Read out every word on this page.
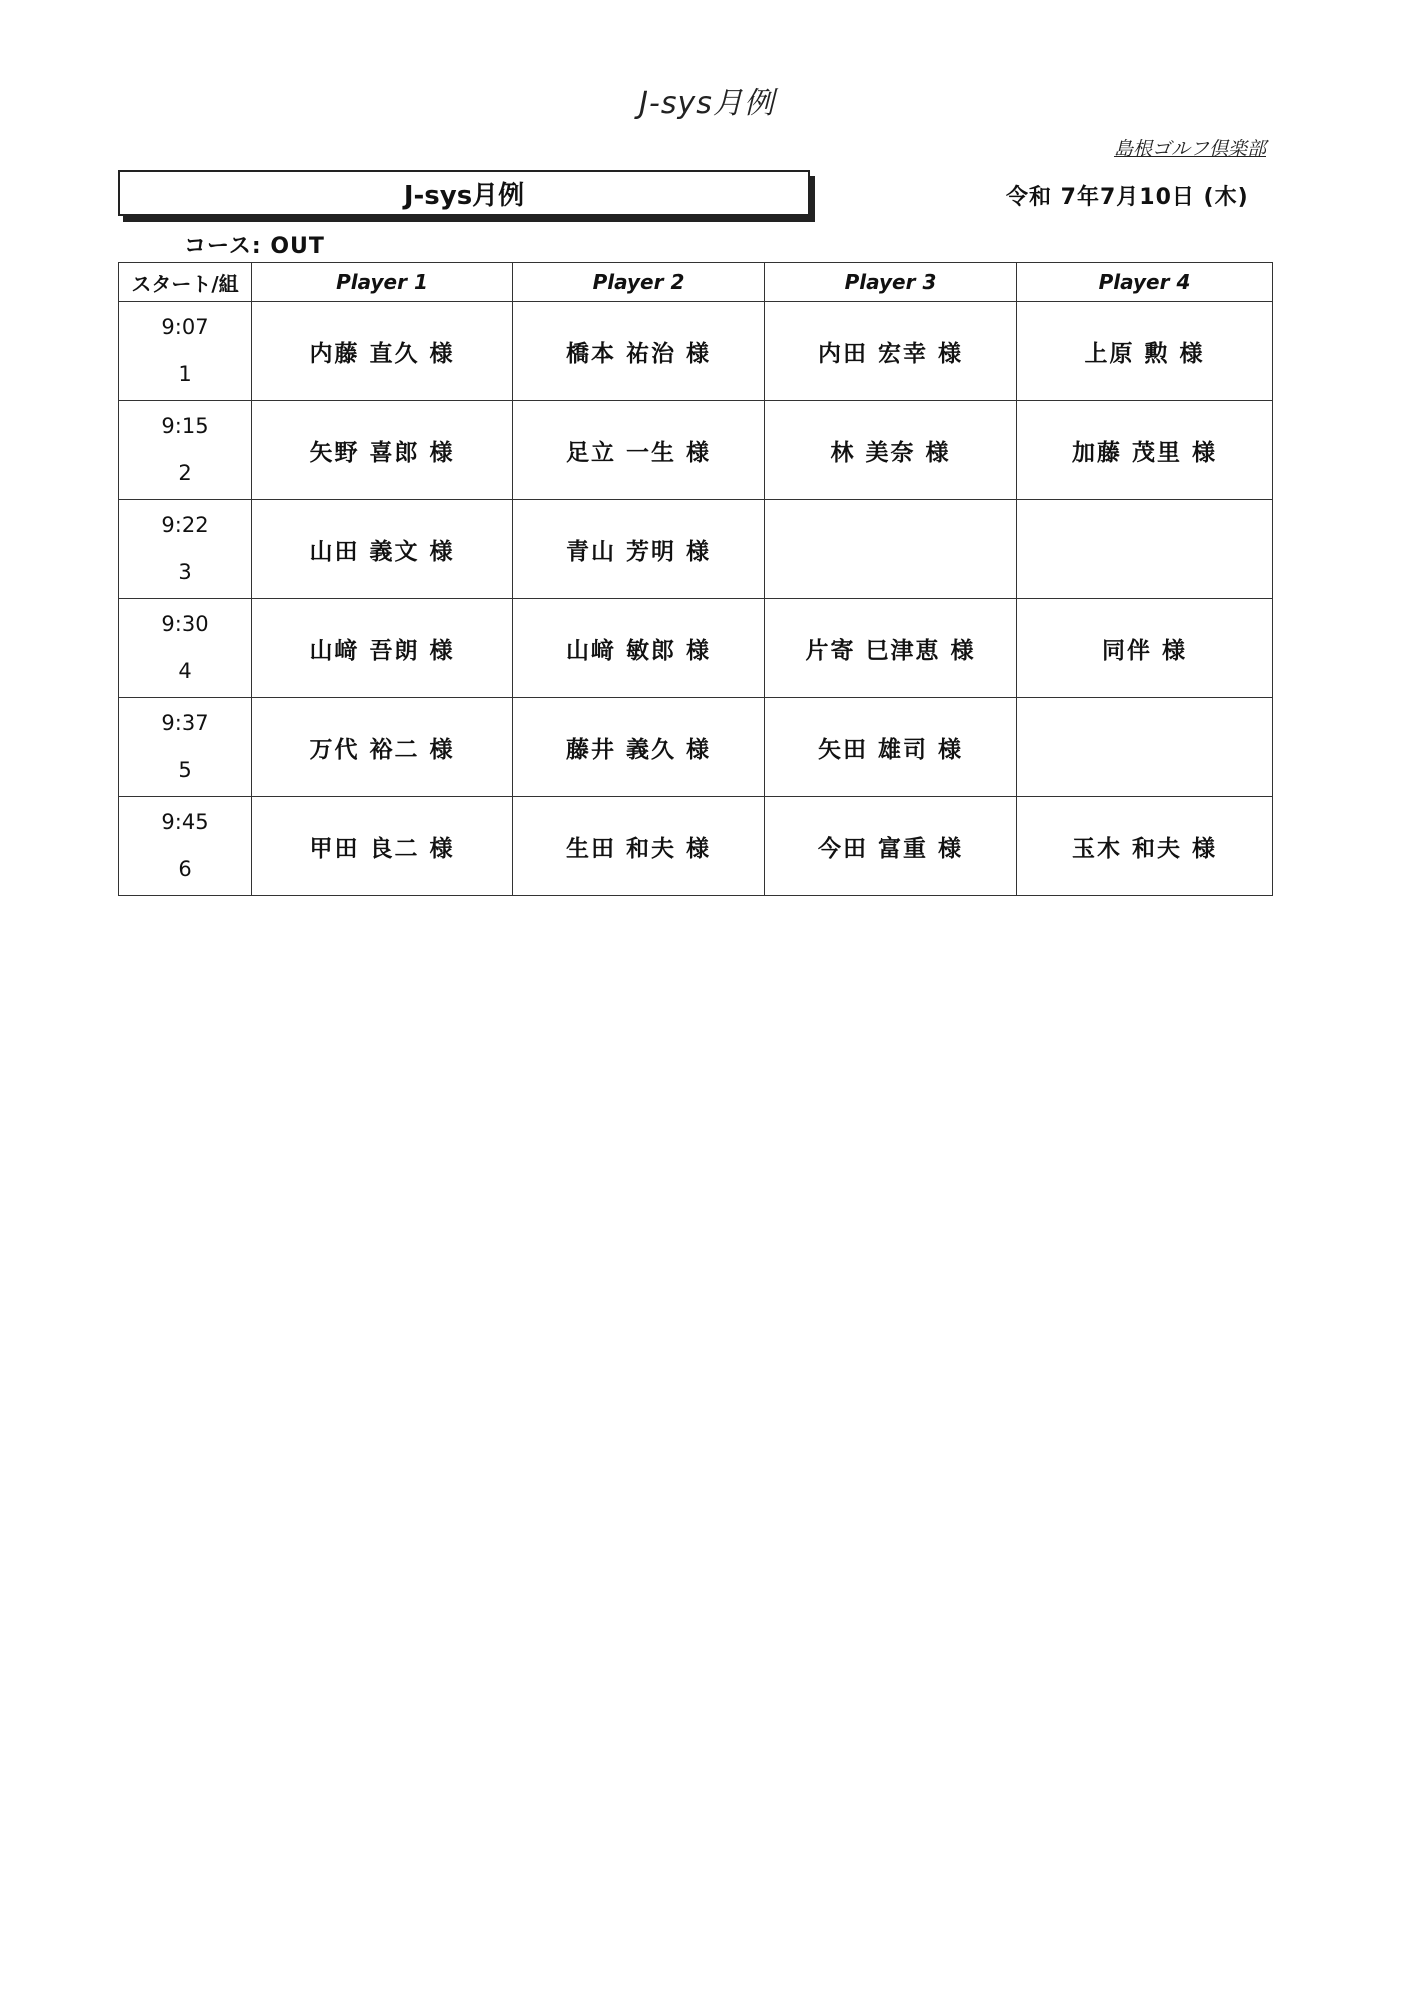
J-sys月例
島根ゴルフ倶楽部
J-sys月例	令和 7年7月10日 (木)
コース: OUT
スタート/組	Player 1	Player 2	Player 3	Player 4

9:07
1	内藤 直久 様	橋本 祐治 様	内田 宏幸 様	上原 勲 様

9:15
2	矢野 喜郎 様	足立 一生 様	林 美奈 様	加藤 茂里 様

9:22
3	山田 義文 様	青山 芳明 様		

9:30
4	山﨑 吾朗 様	山﨑 敏郎 様	片寄 巳津恵 様	同伴 様

9:37
5	万代 裕二 様	藤井 義久 様	矢田 雄司 様	

9:45
6	甲田 良二 様	生田 和夫 様	今田 富重 様	玉木 和夫 様
